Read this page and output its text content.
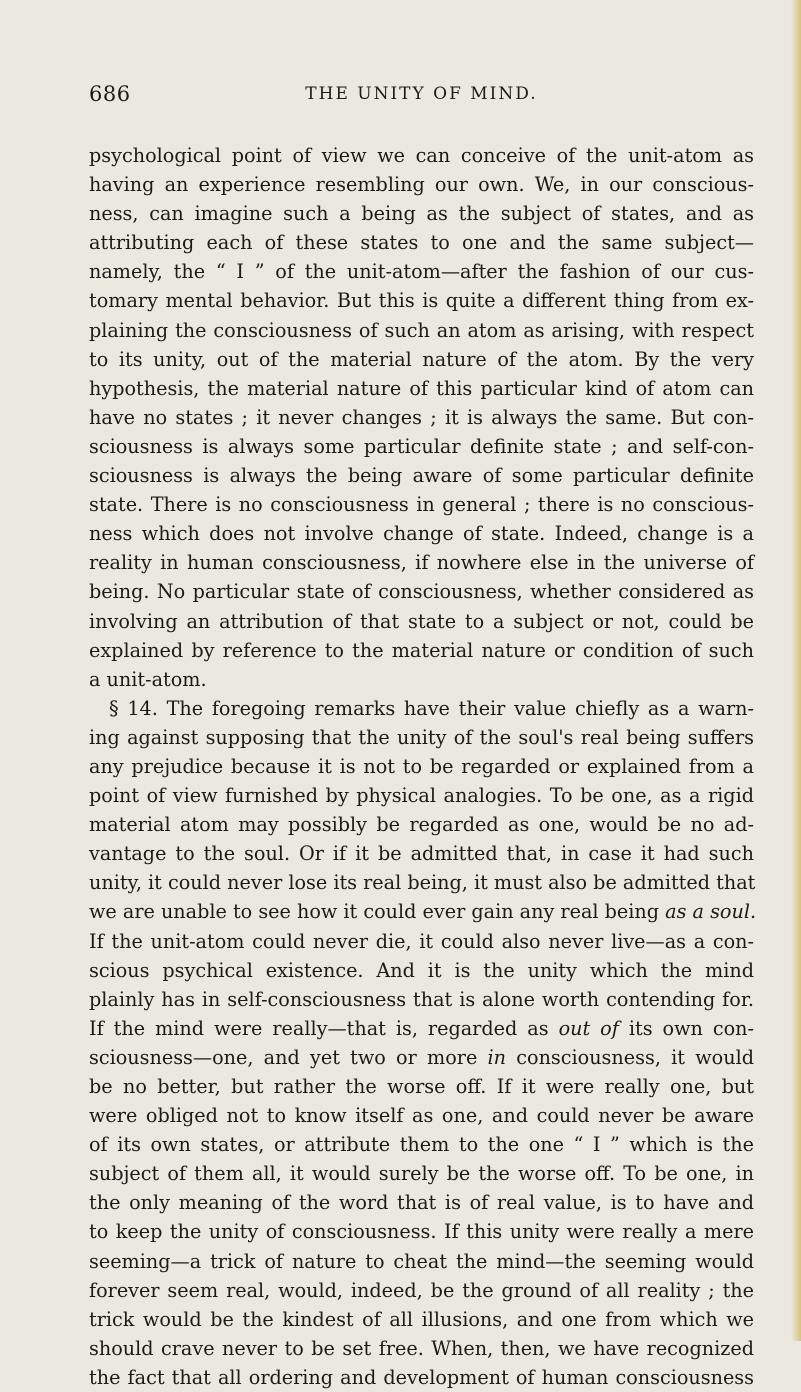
686	THE UNITY OF MIND.
psychological point of view we can conceive of the unit-atom as
having an experience resembling our own. We, in our conscious-
ness, can imagine such a being as the subject of states, and as
attributing each of these states to one and the same subject—
namely, the “ I ” of the unit-atom—after the fashion of our cus-
tomary mental behavior. But this is quite a different thing from ex-
plaining the consciousness of such an atom as arising, with respect
to its unity, out of the material nature of the atom. By the very
hypothesis, the material nature of this particular kind of atom can
have no states ; it never changes ; it is always the same. But con-
sciousness is always some particular definite state ; and self-con-
sciousness is always the being aware of some particular definite
state. There is no consciousness in general ; there is no conscious-
ness which does not involve change of state. Indeed, change is a
reality in human consciousness, if nowhere else in the universe of
being. No particular state of consciousness, whether considered as
involving an attribution of that state to a subject or not, could be
explained by reference to the material nature or condition of such
a unit-atom.
§ 14. The foregoing remarks have their value chiefly as a warn-
ing against supposing that the unity of the soul's real being suffers
any prejudice because it is not to be regarded or explained from a
point of view furnished by physical analogies. To be one, as a rigid
material atom may possibly be regarded as one, would be no ad-
vantage to the soul. Or if it be admitted that, in case it had such
unity, it could never lose its real being, it must also be admitted that
we are unable to see how it could ever gain any real being as a soul.
If the unit-atom could never die, it could also never live—as a con-
scious psychical existence. And it is the unity which the mind
plainly has in self-consciousness that is alone worth contending for.
If the mind were really—that is, regarded as out of its own con-
sciousness—one, and yet two or more in consciousness, it would
be no better, but rather the worse off. If it were really one, but
were obliged not to know itself as one, and could never be aware
of its own states, or attribute them to the one “ I ” which is the
subject of them all, it would surely be the worse off. To be one, in
the only meaning of the word that is of real value, is to have and
to keep the unity of consciousness. If this unity were really a mere
seeming—a trick of nature to cheat the mind—the seeming would
forever seem real, would, indeed, be the ground of all reality ; the
trick would be the kindest of all illusions, and one from which we
should crave never to be set free. When, then, we have recognized
the fact that all ordering and development of human consciousness
